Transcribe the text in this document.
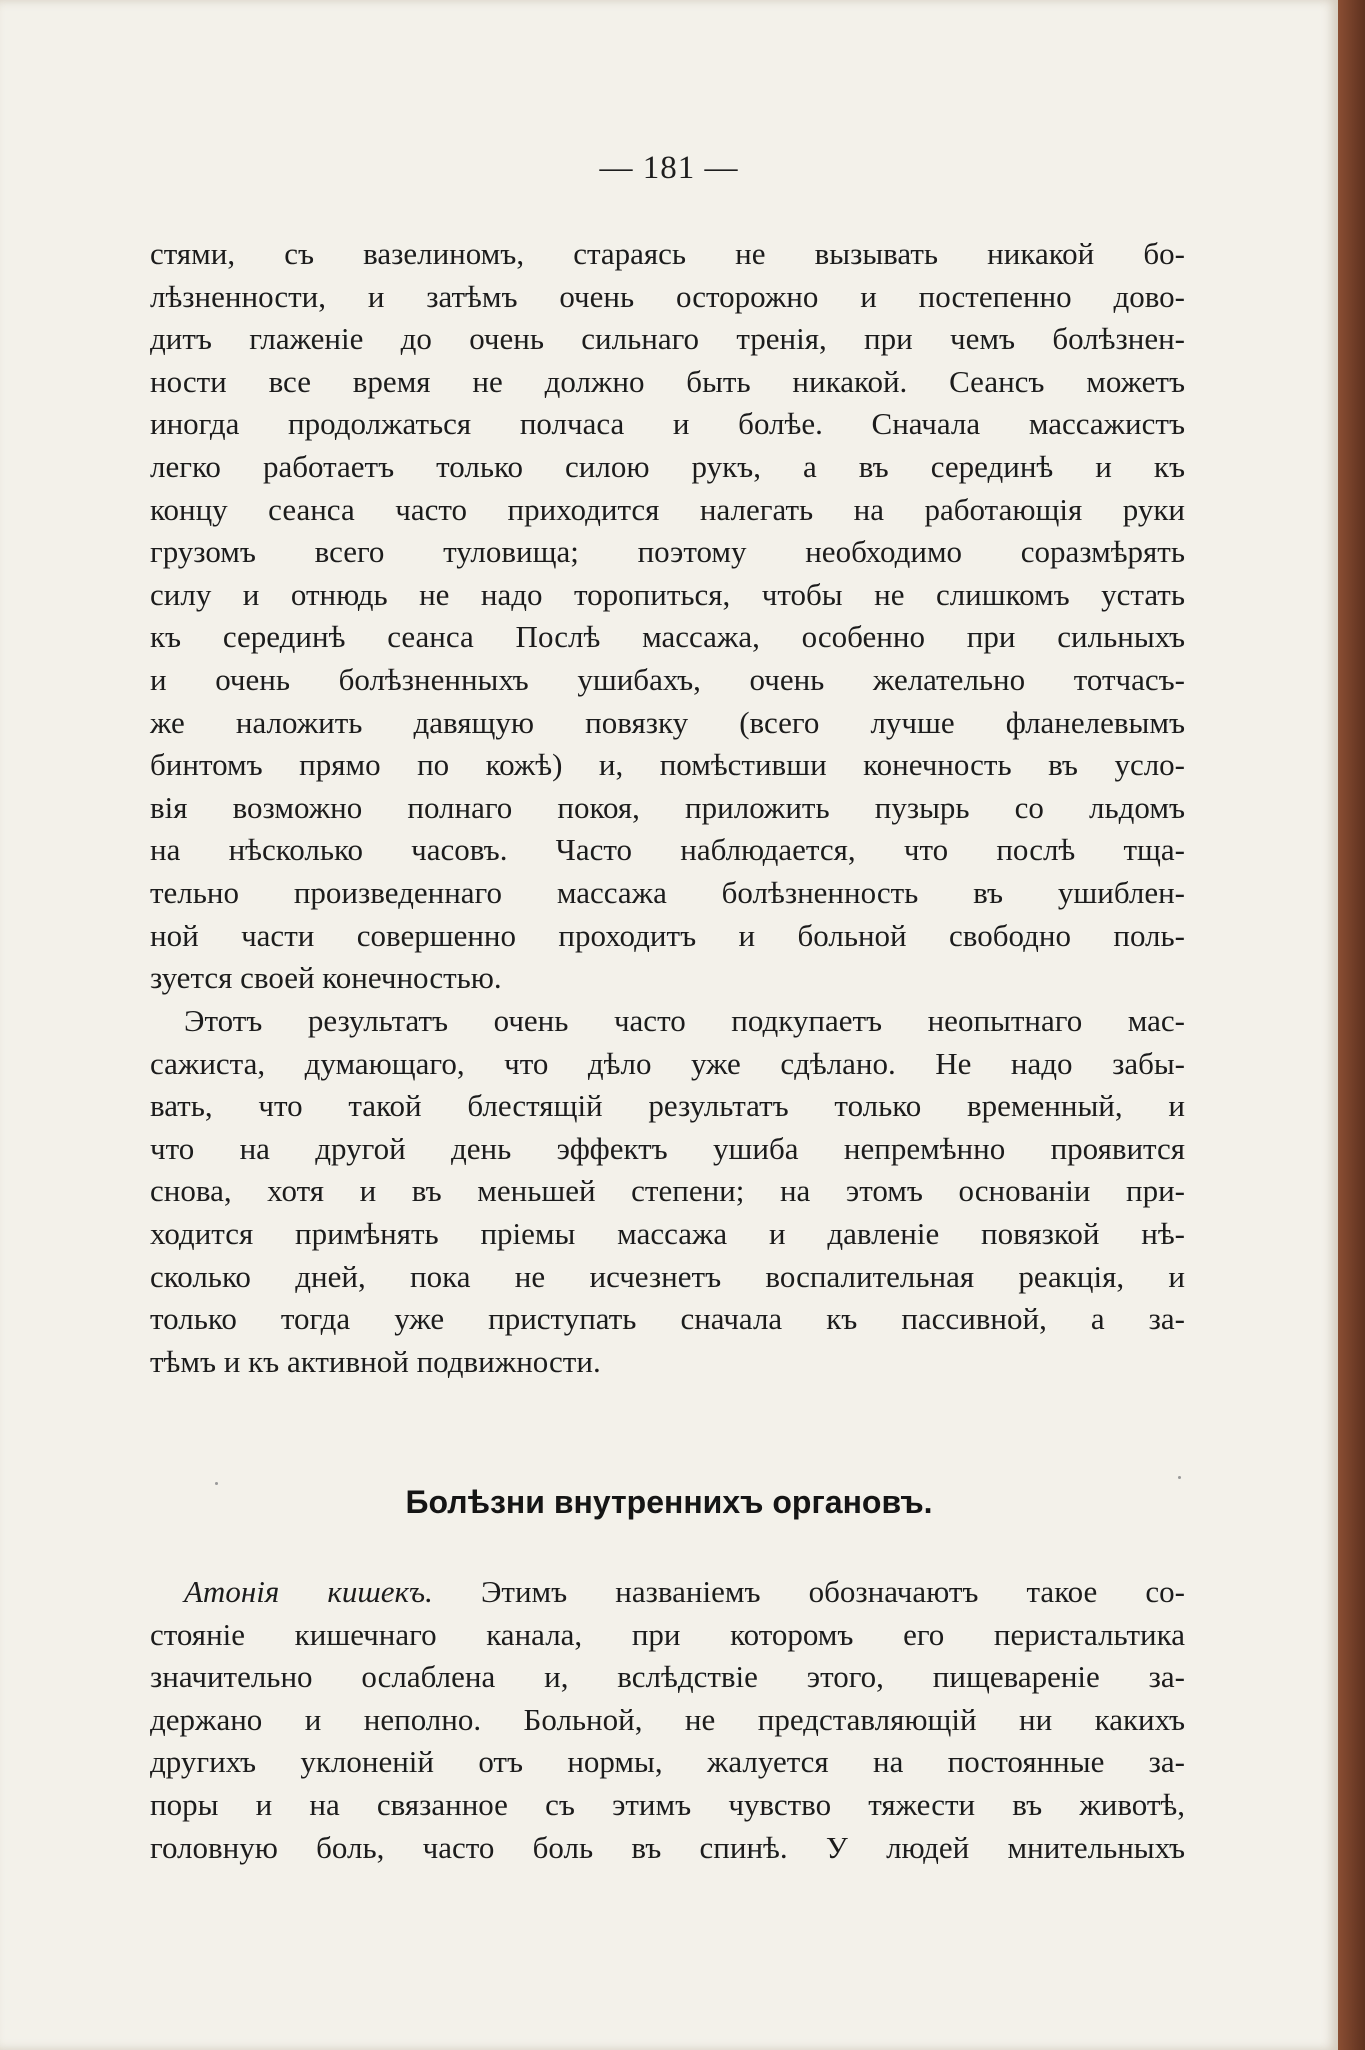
— 181 —
стями, съ вазелиномъ, стараясь не вызывать никакой бо-
лѣзненности, и затѣмъ очень осторожно и постепенно дово-
дитъ глаженіе до очень сильнаго тренія, при чемъ болѣзнен-
ности все время не должно быть никакой. Сеансъ можетъ
иногда продолжаться полчаса и болѣе. Сначала массажистъ
легко работаетъ только силою рукъ, а въ серединѣ и къ
концу сеанса часто приходится налегать на работающія руки
грузомъ всего туловища; поэтому необходимо соразмѣрять
силу и отнюдь не надо торопиться, чтобы не слишкомъ устать
къ серединѣ сеанса Послѣ массажа, особенно при сильныхъ
и очень болѣзненныхъ ушибахъ, очень желательно тотчасъ-
же наложить давящую повязку (всего лучше фланелевымъ
бинтомъ прямо по кожѣ) и, помѣстивши конечность въ усло-
вія возможно полнаго покоя, приложить пузырь со льдомъ
на нѣсколько часовъ. Часто наблюдается, что послѣ тща-
тельно произведеннаго массажа болѣзненность въ ушиблен-
ной части совершенно проходитъ и больной свободно поль-
зуется своей конечностью.
Этотъ результатъ очень часто подкупаетъ неопытнаго мас-
сажиста, думающаго, что дѣло уже сдѣлано. Не надо забы-
вать, что такой блестящій результатъ только временный, и
что на другой день эффектъ ушиба непремѣнно проявится
снова, хотя и въ меньшей степени; на этомъ основаніи при-
ходится примѣнять пріемы массажа и давленіе повязкой нѣ-
сколько дней, пока не исчезнетъ воспалительная реакція, и
только тогда уже приступать сначала къ пассивной, а за-
тѣмъ и къ активной подвижности.
Болѣзни внутреннихъ органовъ.
Атонія кишекъ. Этимъ названіемъ обозначаютъ такое со-
стояніе кишечнаго канала, при которомъ его перистальтика
значительно ослаблена и, вслѣдствіе этого, пищевареніе за-
держано и неполно. Больной, не представляющій ни какихъ
другихъ уклоненій отъ нормы, жалуется на постоянные за-
поры и на связанное съ этимъ чувство тяжести въ животѣ,
головную боль, часто боль въ спинѣ. У людей мнительныхъ
